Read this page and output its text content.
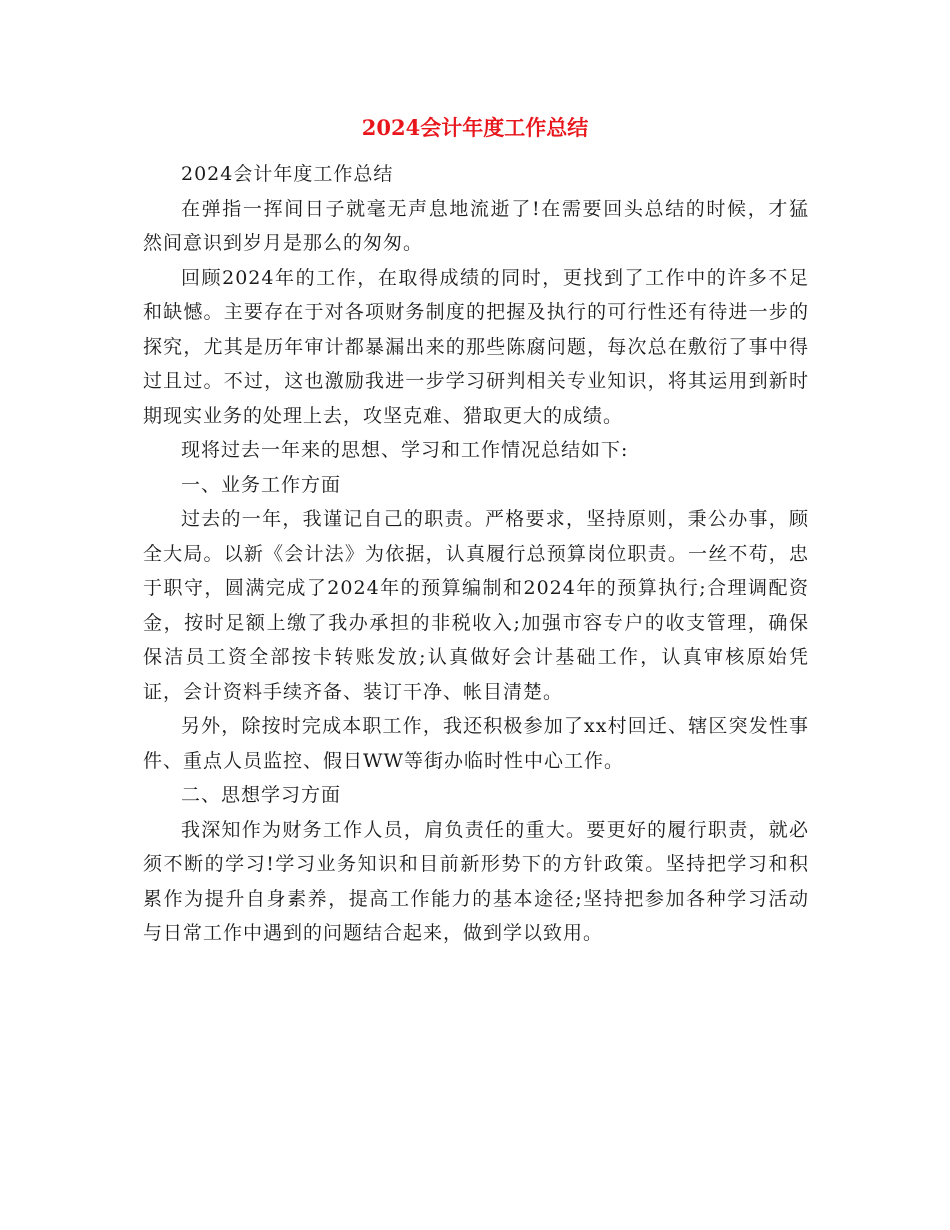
2024会计年度工作总结

2024会计年度工作总结

在弹指一挥间日子就毫无声息地流逝了!在需要回头总结的时候，才猛然间意识到岁月是那么的匆匆。

回顾2024年的工作，在取得成绩的同时，更找到了工作中的许多不足和缺憾。主要存在于对各项财务制度的把握及执行的可行性还有待进一步的探究，尤其是历年审计都暴漏出来的那些陈腐问题，每次总在敷衍了事中得过且过。不过，这也激励我进一步学习研判相关专业知识，将其运用到新时期现实业务的处理上去，攻坚克难、猎取更大的成绩。

现将过去一年来的思想、学习和工作情况总结如下:

一、业务工作方面

过去的一年，我谨记自己的职责。严格要求，坚持原则，秉公办事，顾全大局。以新《会计法》为依据，认真履行总预算岗位职责。一丝不苟，忠于职守，圆满完成了2024年的预算编制和2024年的预算执行;合理调配资金，按时足额上缴了我办承担的非税收入;加强市容专户的收支管理，确保保洁员工资全部按卡转账发放;认真做好会计基础工作，认真审核原始凭证，会计资料手续齐备、装订干净、帐目清楚。

另外，除按时完成本职工作，我还积极参加了xx村回迁、辖区突发性事件、重点人员监控、假日WW等街办临时性中心工作。

二、思想学习方面

我深知作为财务工作人员，肩负责任的重大。要更好的履行职责，就必须不断的学习!学习业务知识和目前新形势下的方针政策。坚持把学习和积累作为提升自身素养，提高工作能力的基本途径;坚持把参加各种学习活动与日常工作中遇到的问题结合起来，做到学以致用。
